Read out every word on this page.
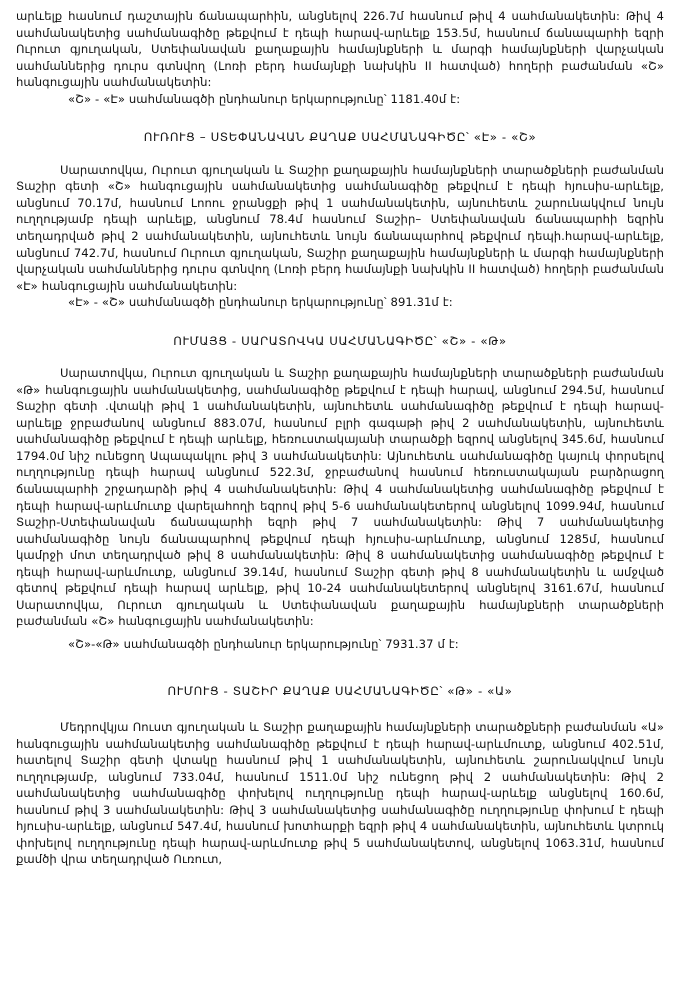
արևելք հասնում դաշտային ճանապարհին, անցնելով 226.7մ հասնում թիվ 4 սահմանակետին: Թիվ 4 սահմանակետից սահմանագիծը թեքվում է դեպի հարավ-արևելք 153.5մ, հասնում ճանապարհի եզրի Ուրուտ գյուղական, Ստեփանավան քաղաքային համայնքների և մարգի համայնքների վարչական սահմաններից դուրս գտնվող (Լոռի բերդ համայնքի նախկին II հատված) հողերի բաժանման «Շ» հանգուցային սահմանակետին:

«Շ» - «Է» սահմանագծի ընդհանուր երկարությունը՝ 1181.40մ է:

ՈՒՌՈՒՑ – ՍՏԵՓԱՆԱՎԱՆ ՔԱՂԱՔ ՍԱՀՄԱՆԱԳԻԾԸ՝ «Է» - «Շ»

Սարատովկա, Ուրուտ գյուղական և Տաշիր քաղաքային համայնքների տարածքների բաժանման Տաշիր գետի «Շ» հանգուցային սահմանակետից սահմանագիծը թեքվում է դեպի հյուսիս-արևելք, անցնում 70.17մ, հասնում Լոոու ջրանցքի թիվ 1 սահմանակետին, այնուհետև շարունակվում նույն ուղղությամբ դեպի արևելք, անցնում 78.4մ հասնում Տաշիր– Ստեփանավան ճանապարհի եզրին տեղադրված թիվ 2 սահմանակետին, այնուհետև նույն ճանապարհով թեքվում դեպի.հարավ-արևելք, անցնում 742.7մ, հասնում Ուրուտ գյուղական, Տաշիր քաղաքային համայնքների և մարգի համայնքների վարչական սահմաններից դուրս գտնվող (Լոռի բերդ համայնքի նախկին II հատված) հողերի բաժանման «Է» հանգուցային սահմանակետին:

«Է» - «Շ» սահմանագծի ընդհանուր երկարությունը՝ 891.31մ է:

ՈՒՄԱՅՑ - ՍԱՐԱՏՈՎԿԱ ՍԱՀՄԱՆԱԳԻԾԸ՝ «Շ» - «Թ»

Սարատովկա, Ուրուտ գյուղական և Տաշիր քաղաքային համայնքների տարածքների բաժանման «Թ» հանգուցային սահմանակետից, սահմանագիծը թեքվում է դեպի հարավ, անցնում 294.5մ, հասնում Տաշիր գետի .վտակի թիվ 1 սահմանակետին, այնուհետև սահմանագիծը թեքվում է դեպի հարավ-արևելք ջրբաժանով անցնում 883.07մ, հասնում բլրի գագաթի թիվ 2 սահմանակետին, այնուհետև սահմանագիծը թեքվում է դեպի արևելք, հեռուստակայանի տարածքի եզրով անցնելով 345.6մ, հասնում 1794.0մ նիշ ունեցող Ապապակլու թիվ 3 սահմանակետին: Այնուհետև սահմանագիծը կայուկ փորսելով ուղղությունը դեպի հարավ անցնում 522.3մ, ջրբաժանով հասնում հեռուստակայան բարձրացող ճանապարհի շրջադարձի թիվ 4 սահմանակետին: Թիվ 4 սահմանակետից սահմանագիծը թեքվում է դեպի հարավ-արևմուտք վարելահողի եզրով թիվ 5-6 սահմանակետերով անցնելով 1099.94մ, հասնում Տաշիր-Ստեփանավան ճանապարհի եզրի թիվ 7 սահմանակետին: Թիվ 7 սահմանակետից սահմանագիծը նույն ճանապարհով թեքվում դեպի հյուսիս-արևմուտք, անցնում 1285մ, հասնում կամրջի մոտ տեղադրված թիվ 8 սահմանակետին: Թիվ 8 սահմանակետից սահմանագիծը թեքվում է դեպի հարավ-արևմուտք, անցնում 39.14մ, հասնում Տաշիր գետի թիվ 8 սահմանակետին և ամջված գետով թեքվում դեպի հարավ արևելք, թիվ 10-24 սահմանակետերով անցնելով 3161.67մ, հասնում Սարատովկա, Ուրուտ գյուղական և Ստեփանավան քաղաքային համայնքների տարածքների բաժանման «Շ» հանգուցային սահմանակետին:

«Շ»-«Թ» սահմանագծի ընդհանուր երկարությունը՝ 7931.37 մ է:

ՈՒՄՈՒՑ - ՏԱՇԻՐ ՔԱՂԱՔ ՍԱՀՄԱՆԱԳԻԾԸ՝ «Թ» - «Ա»

Մեդրովկյա Ոուստ գյուղական և Տաշիր քաղաքային համայնքների տարածքների բաժանման «Ա» հանգուցային սահմանակետից սահմանագիծը թեքվում է դեպի հարավ-արևմուտք, անցնում 402.51մ, հատելով Տաշիր գետի վտակը հասնում թիվ 1 սահմանակետին, այնուհետև շարունակվում նույն ուղղությամբ, անցնում 733.04մ, հասնում 1511.0մ նիշ ունեցող թիվ 2 սահմանակետին: Թիվ 2 սահմանակետից սահմանագիծը փոխելով ուղղությունը դեպի հարավ-արևելք անցնելով 160.6մ, հասնում թիվ 3 սահմանակետին: Թիվ 3 սահմանակետից սահմանագիծը ուղղությունը փոխում է դեպի հյուսիս-արևելք, անցնում 547.4մ, հասնում խոտհարքի եզրի թիվ 4 սահմանակետին, այնուհետև կտրուկ փոխելով ուղղությունը դեպի հարավ-արևմուտք թիվ 5 սահմանակետով, անցնելով 1063.31մ, հասնում քամծի վրա տեղադրված Ուռուտ,
